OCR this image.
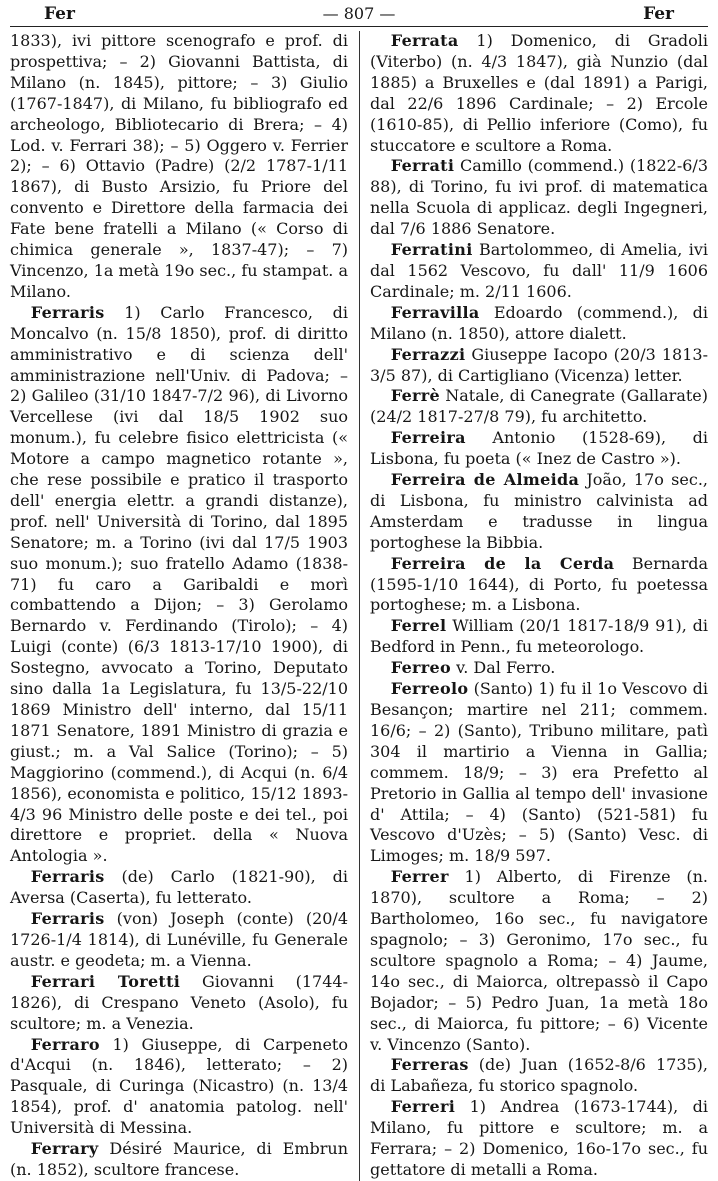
Fer	— 807 —	Fer

1833), ivi pittore scenografo e prof. di prospettiva; – 2) Giovanni Battista, di Milano (n. 1845), pittore; – 3) Giulio (1767-1847), di Milano, fu bibliografo ed archeologo, Bibliotecario di Brera; – 4) Lod. v. Ferrari 38); – 5) Oggero v. Ferrier 2); – 6) Ottavio (Padre) (2/2 1787-1/11 1867), di Busto Arsizio, fu Priore del convento e Direttore della farmacia dei Fate bene fratelli a Milano (« Corso di chimica generale », 1837-47); – 7) Vincenzo, 1a metà 19o sec., fu stampat. a Milano.

Ferraris 1) Carlo Francesco, di Moncalvo (n. 15/8 1850), prof. di diritto amministrativo e di scienza dell' amministrazione nell'Univ. di Padova; – 2) Galileo (31/10 1847-7/2 96), di Livorno Vercellese (ivi dal 18/5 1902 suo monum.), fu celebre fisico elettricista (« Motore a campo magnetico rotante », che rese possibile e pratico il trasporto dell' energia elettr. a grandi distanze), prof. nell' Università di Torino, dal 1895 Senatore; m. a Torino (ivi dal 17/5 1903 suo monum.); suo fratello Adamo (1838-71) fu caro a Garibaldi e morì combattendo a Dijon; – 3) Gerolamo Bernardo v. Ferdinando (Tirolo); – 4) Luigi (conte) (6/3 1813-17/10 1900), di Sostegno, avvocato a Torino, Deputato sino dalla 1a Legislatura, fu 13/5-22/10 1869 Ministro dell' interno, dal 15/11 1871 Senatore, 1891 Ministro di grazia e giust.; m. a Val Salice (Torino); – 5) Maggiorino (commend.), di Acqui (n. 6/4 1856), economista e politico, 15/12 1893-4/3 96 Ministro delle poste e dei tel., poi direttore e propriet. della « Nuova Antologia ».

Ferraris (de) Carlo (1821-90), di Aversa (Caserta), fu letterato.

Ferraris (von) Joseph (conte) (20/4 1726-1/4 1814), di Lunéville, fu Generale austr. e geodeta; m. a Vienna.

Ferrari Toretti Giovanni (1744-1826), di Crespano Veneto (Asolo), fu scultore; m. a Venezia.

Ferraro 1) Giuseppe, di Carpeneto d'Acqui (n. 1846), letterato; – 2) Pasquale, di Curinga (Nicastro) (n. 13/4 1854), prof. d' anatomia patolog. nell' Università di Messina.

Ferrary Désiré Maurice, di Embrun (n. 1852), scultore francese.

Ferrata 1) Domenico, di Gradoli (Viterbo) (n. 4/3 1847), già Nunzio (dal 1885) a Bruxelles e (dal 1891) a Parigi, dal 22/6 1896 Cardinale; – 2) Ercole (1610-85), di Pellio inferiore (Como), fu stuccatore e scultore a Roma.

Ferrati Camillo (commend.) (1822-6/3 88), di Torino, fu ivi prof. di matematica nella Scuola di applicaz. degli Ingegneri, dal 7/6 1886 Senatore.

Ferratini Bartolommeo, di Amelia, ivi dal 1562 Vescovo, fu dall' 11/9 1606 Cardinale; m. 2/11 1606.

Ferravilla Edoardo (commend.), di Milano (n. 1850), attore dialett.

Ferrazzi Giuseppe Iacopo (20/3 1813-3/5 87), di Cartigliano (Vicenza) letter.

Ferrè Natale, di Canegrate (Gallarate) (24/2 1817-27/8 79), fu architetto.

Ferreira Antonio (1528-69), di Lisbona, fu poeta (« Inez de Castro »).

Ferreira de Almeida João, 17o sec., di Lisbona, fu ministro calvinista ad Amsterdam e tradusse in lingua portoghese la Bibbia.

Ferreira de la Cerda Bernarda (1595-1/10 1644), di Porto, fu poetessa portoghese; m. a Lisbona.

Ferrel William (20/1 1817-18/9 91), di Bedford in Penn., fu meteorologo.

Ferreo v. Dal Ferro.

Ferreolo (Santo) 1) fu il 1o Vescovo di Besançon; martire nel 211; commem. 16/6; – 2) (Santo), Tribuno militare, patì 304 il martirio a Vienna in Gallia; commem. 18/9; – 3) era Prefetto al Pretorio in Gallia al tempo dell' invasione d' Attila; – 4) (Santo) (521-581) fu Vescovo d'Uzès; – 5) (Santo) Vesc. di Limoges; m. 18/9 597.

Ferrer 1) Alberto, di Firenze (n. 1870), scultore a Roma; – 2) Bartholomeo, 16o sec., fu navigatore spagnolo; – 3) Geronimo, 17o sec., fu scultore spagnolo a Roma; – 4) Jaume, 14o sec., di Maiorca, oltrepassò il Capo Bojador; – 5) Pedro Juan, 1a metà 18o sec., di Maiorca, fu pittore; – 6) Vicente v. Vincenzo (Santo).

Ferreras (de) Juan (1652-8/6 1735), di Labañeza, fu storico spagnolo.

Ferreri 1) Andrea (1673-1744), di Milano, fu pittore e scultore; m. a Ferrara; – 2) Domenico, 16o-17o sec., fu gettatore di metalli a Roma.
